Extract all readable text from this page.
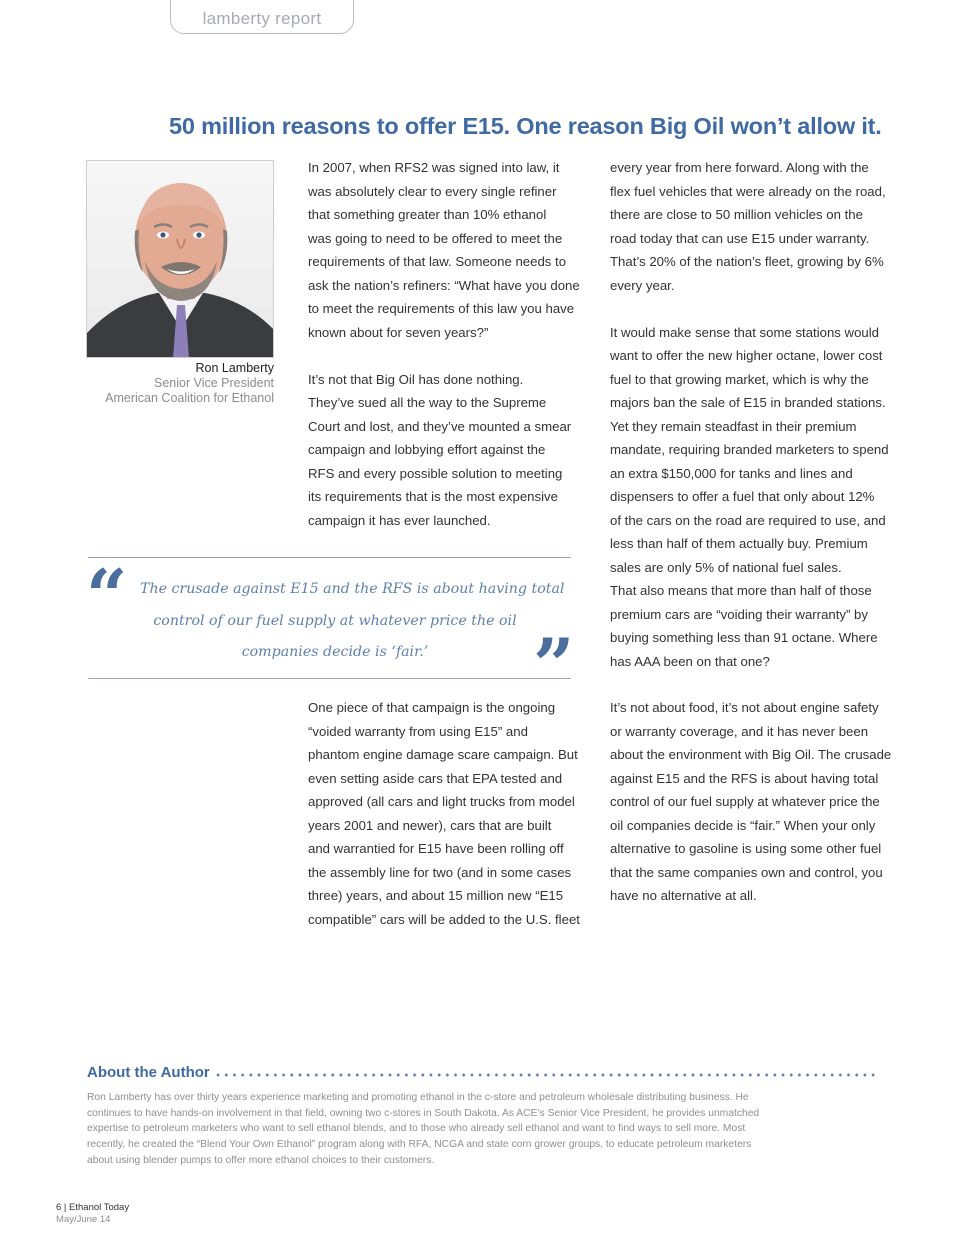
lamberty report
50 million reasons to offer E15. One reason Big Oil won’t allow it.
Ron Lamberty
Senior Vice President
American Coalition for Ethanol

In 2007, when RFS2 was signed into law, it

was absolutely clear to every single refiner

that something greater than 10% ethanol

was going to need to be offered to meet the

requirements of that law. Someone needs to

ask the nation’s refiners: “What have you done

to meet the requirements of this law you have

known about for seven years?”

It’s not that Big Oil has done nothing.

They’ve sued all the way to the Supreme

Court and lost, and they’ve mounted a smear

campaign and lobbying effort against the

RFS and every possible solution to meeting

its requirements that is the most expensive

campaign it has ever launched.

“ The crusade against E15 and the RFS is about having total

control of our fuel supply at whatever price the oil

companies decide is ‘fair.’	”

One piece of that campaign is the ongoing

“voided warranty from using E15” and

phantom engine damage scare campaign. But

even setting aside cars that EPA tested and

approved (all cars and light trucks from model

years 2001 and newer), cars that are built

and warrantied for E15 have been rolling off

the assembly line for two (and in some cases

three) years, and about 15 million new “E15

compatible” cars will be added to the U.S. fleet

every year from here forward. Along with the

flex fuel vehicles that were already on the road,

there are close to 50 million vehicles on the

road today that can use E15 under warranty.

That’s 20% of the nation’s fleet, growing by 6%

every year.

It would make sense that some stations would

want to offer the new higher octane, lower cost

fuel to that growing market, which is why the

majors ban the sale of E15 in branded stations.

Yet they remain steadfast in their premium

mandate, requiring branded marketers to spend

an extra $150,000 for tanks and lines and

dispensers to offer a fuel that only about 12%

of the cars on the road are required to use, and

less than half of them actually buy. Premium

sales are only 5% of national fuel sales.

That also means that more than half of those

premium cars are “voiding their warranty” by

buying something less than 91 octane. Where

has AAA been on that one?

It’s not about food, it’s not about engine safety

or warranty coverage, and it has never been

about the environment with Big Oil. The crusade

against E15 and the RFS is about having total

control of our fuel supply at whatever price the

oil companies decide is “fair.” When your only

alternative to gasoline is using some other fuel

that the same companies own and control, you

have no alternative at all.

About the Author

Ron Lamberty has over thirty years experience marketing and promoting ethanol in the c-store and petroleum wholesale distributing business. He

continues to have hands-on involvement in that field, owning two c-stores in South Dakota. As ACE’s Senior Vice President, he provides unmatched

expertise to petroleum marketers who want to sell ethanol blends, and to those who already sell ethanol and want to find ways to sell more. Most

recently, he created the “Blend Your Own Ethanol” program along with RFA, NCGA and state corn grower groups, to educate petroleum marketers

about using blender pumps to offer more ethanol choices to their customers.

6 | Ethanol Today
May/June 14
